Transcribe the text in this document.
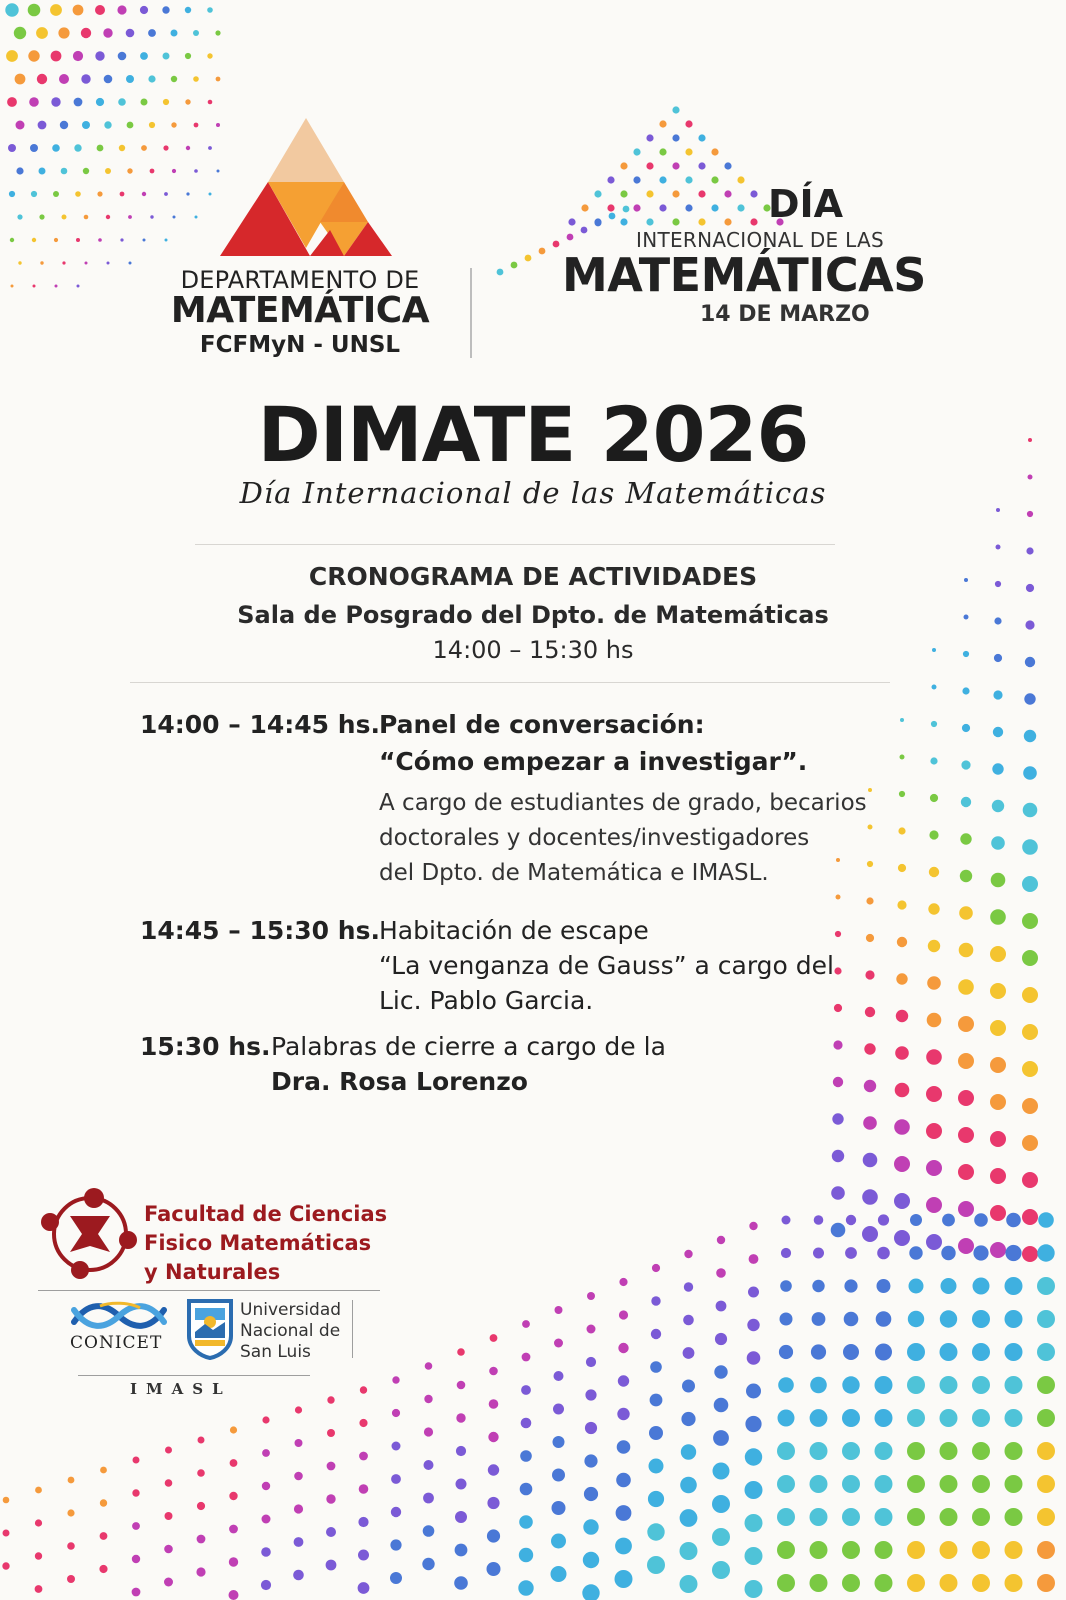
DEPARTAMENTO DE
MATEMÁTICA
FCFMyN - UNSL
DÍA
INTERNACIONAL DE LAS
MATEMÁTICAS
14 DE MARZO
DIMATE 2026
Día Internacional de las Matemáticas
CRONOGRAMA DE ACTIVIDADES
Sala de Posgrado del Dpto. de Matemáticas
14:00 – 15:30 hs
14:00 – 14:45 hs. Panel de conversación:
“Cómo empezar a investigar”.
A cargo de estudiantes de grado, becarios
doctorales y docentes/investigadores
del Dpto. de Matemática e IMASL.
14:45 – 15:30 hs. Habitación de escape
“La venganza de Gauss” a cargo del
Lic. Pablo Garcia.
15:30 hs. Palabras de cierre a cargo de la
Dra. Rosa Lorenzo
Facultad de Ciencias
Fisico Matemáticas
y Naturales
CONICET
Universidad
Nacional de
San Luis
IMASL
